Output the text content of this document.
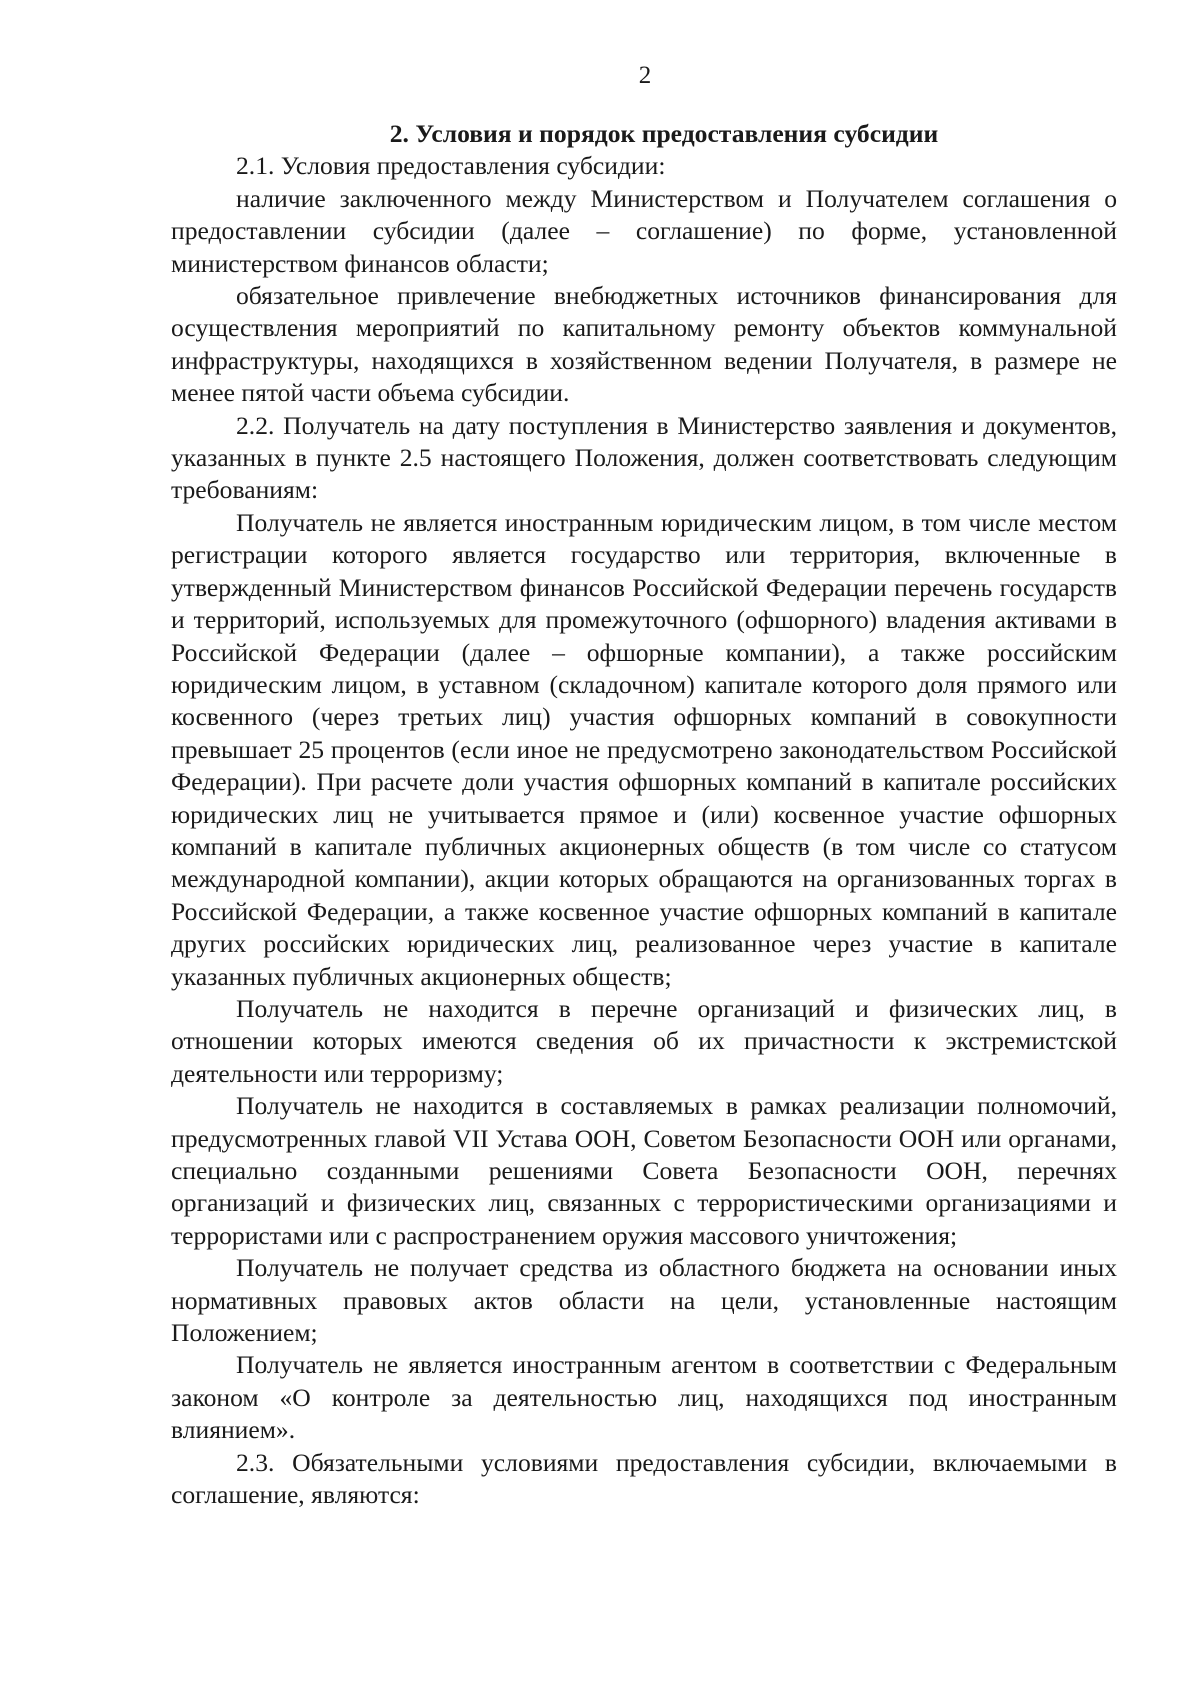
2

2. Условия и порядок предоставления субсидии

2.1. Условия предоставления субсидии:

наличие заключенного между Министерством и Получателем соглашения о предоставлении субсидии (далее – соглашение) по форме, установленной министерством финансов области;

обязательное привлечение внебюджетных источников финансирования для осуществления мероприятий по капитальному ремонту объектов коммунальной инфраструктуры, находящихся в хозяйственном ведении Получателя, в размере не менее пятой части объема субсидии.

2.2. Получатель на дату поступления в Министерство заявления и документов, указанных в пункте 2.5 настоящего Положения, должен соответствовать следующим требованиям:

Получатель не является иностранным юридическим лицом, в том числе местом регистрации которого является государство или территория, включенные в утвержденный Министерством финансов Российской Федерации перечень государств и территорий, используемых для промежуточного (офшорного) владения активами в Российской Федерации (далее – офшорные компании), а также российским юридическим лицом, в уставном (складочном) капитале которого доля прямого или косвенного (через третьих лиц) участия офшорных компаний в совокупности превышает 25 процентов (если иное не предусмотрено законодательством Российской Федерации). При расчете доли участия офшорных компаний в капитале российских юридических лиц не учитывается прямое и (или) косвенное участие офшорных компаний в капитале публичных акционерных обществ (в том числе со статусом международной компании), акции которых обращаются на организованных торгах в Российской Федерации, а также косвенное участие офшорных компаний в капитале других российских юридических лиц, реализованное через участие в капитале указанных публичных акционерных обществ;

Получатель не находится в перечне организаций и физических лиц, в отношении которых имеются сведения об их причастности к экстремистской деятельности или терроризму;

Получатель не находится в составляемых в рамках реализации полномочий, предусмотренных главой VII Устава ООН, Советом Безопасности ООН или органами, специально созданными решениями Совета Безопасности ООН, перечнях организаций и физических лиц, связанных с террористическими организациями и террористами или с распространением оружия массового уничтожения;

Получатель не получает средства из областного бюджета на основании иных нормативных правовых актов области на цели, установленные настоящим Положением;

Получатель не является иностранным агентом в соответствии с Федеральным законом «О контроле за деятельностью лиц, находящихся под иностранным влиянием».

2.3. Обязательными условиями предоставления субсидии, включаемыми в соглашение, являются:
